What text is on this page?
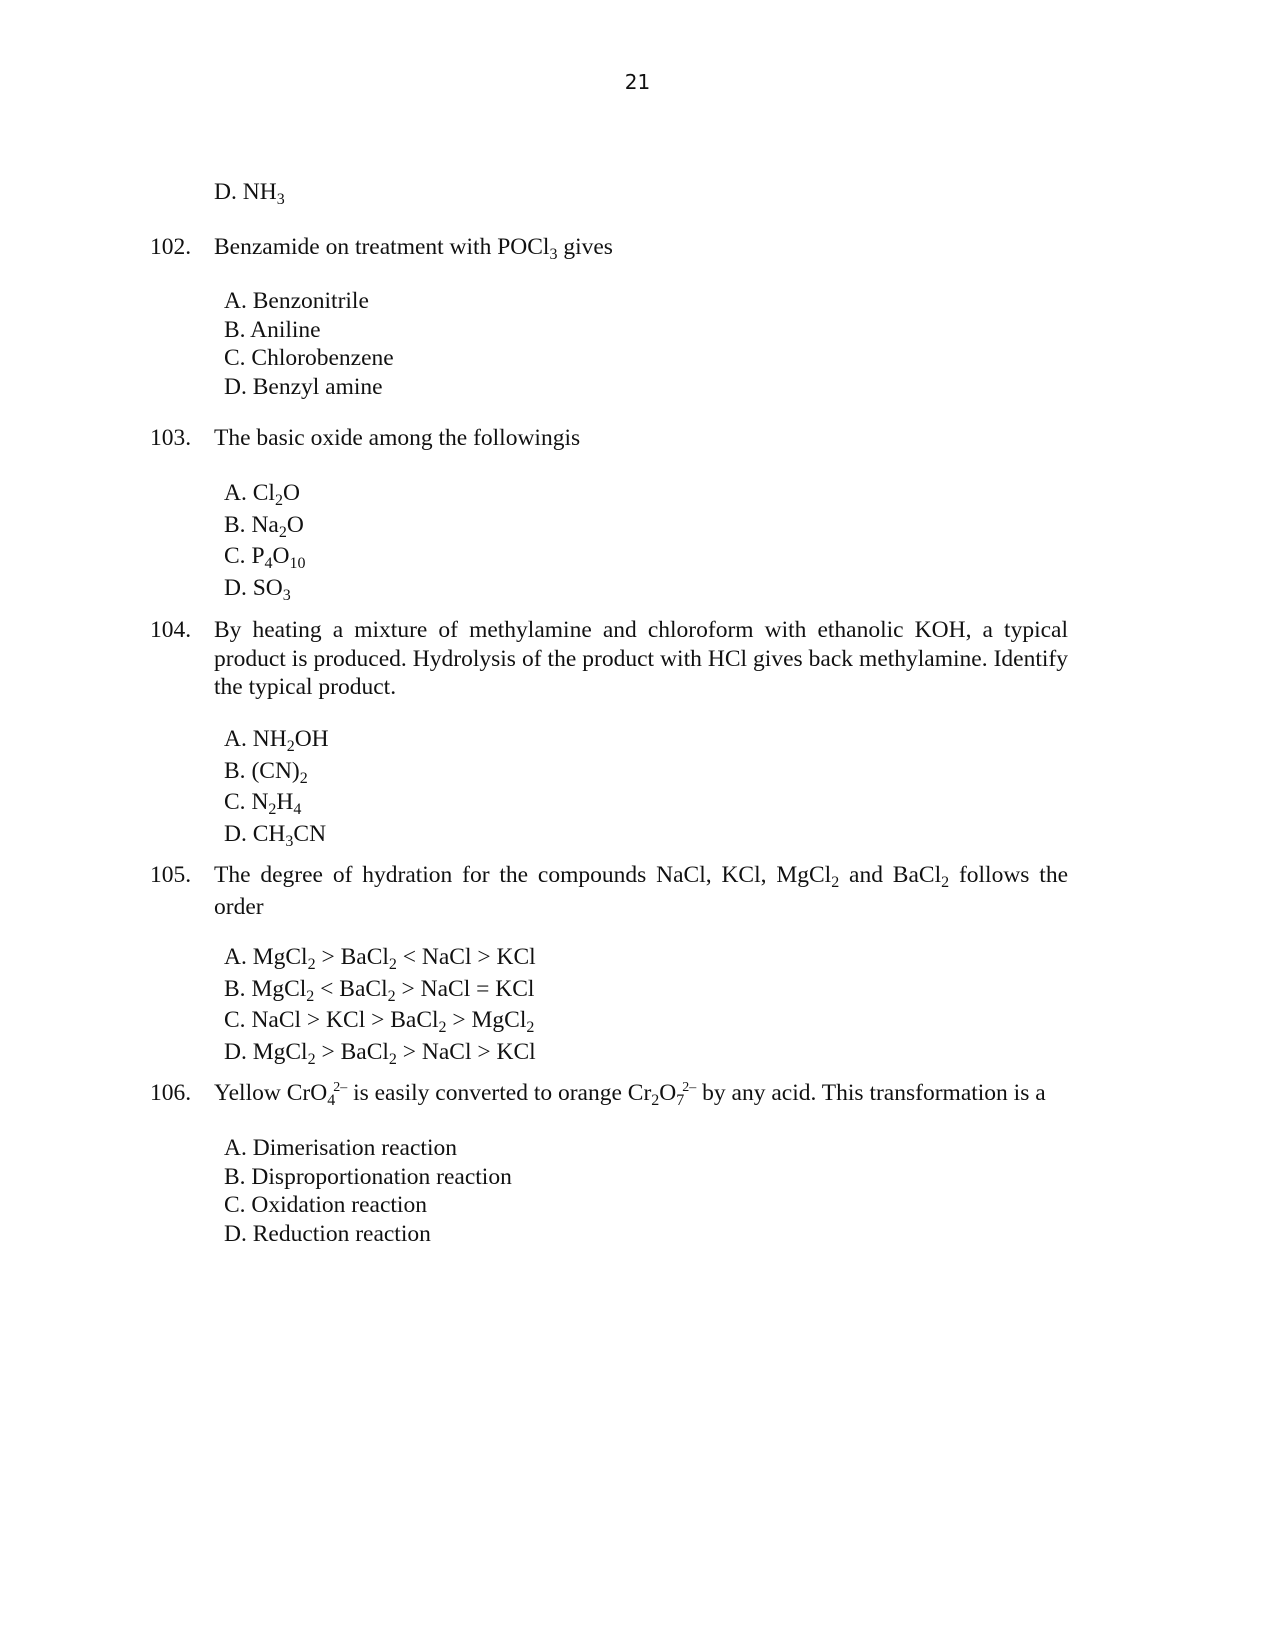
21
D. $NH_3$
102. Benzamide on treatment with POCl$_3$ gives
A. Benzonitrile
B. Aniline
C. Chlorobenzene
D. Benzyl amine
103. The basic oxide among the followingis
A. $Cl_2O$
B. $Na_2O$
C. $P_4O_{10}$
D. $SO_3$
104. By heating a mixture of methylamine and chloroform with ethanolic KOH, a typical product is produced. Hydrolysis of the product with HCl gives back methylamine. Identify the typical product.
A. $NH_2OH$
B. $(CN)_2$
C. $N_2H_4$
D. $CH_3CN$
105. The degree of hydration for the compounds NaCl, KCl, MgCl$_2$ and BaCl$_2$ follows the order
A. MgCl$_2$ > BaCl$_2$ < NaCl > KCl
B. MgCl$_2$ < BaCl$_2$ > NaCl = KCl
C. NaCl > KCl > BaCl$_2$ > MgCl$_2$
D. MgCl$_2$ > BaCl$_2$ > NaCl > KCl
106. Yellow CrO$_4^{2-}$ is easily converted to orange $Cr_2O_7^{2-}$ by any acid. This transformation is a
A. Dimerisation reaction
B. Disproportionation reaction
C. Oxidation reaction
D. Reduction reaction
